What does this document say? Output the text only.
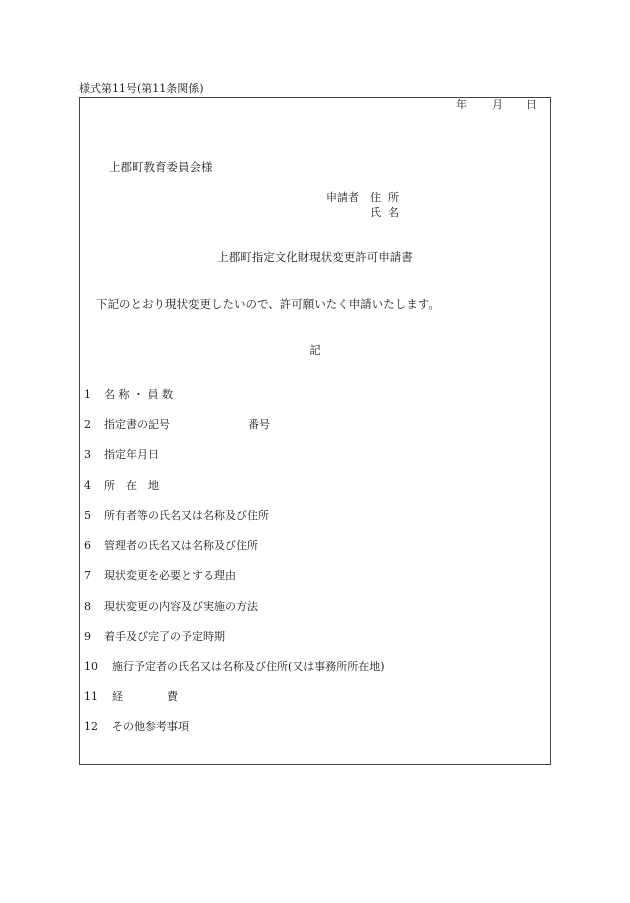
様式第11号(第11条関係)
年 月 日
上郡町教育委員会様
申請者 住所
氏名
上郡町指定文化財現状変更許可申請書
下記のとおり現状変更したいので、許可願いたく申請いたします。
記
1 名 称 ・ 員 数
2 指定書の記号	番号
3 指定年月日
4 所　在　地
5 所有者等の氏名又は名称及び住所
6 管理者の氏名又は名称及び住所
7 現状変更を必要とする理由
8 現状変更の内容及び実施の方法
9 着手及び完了の予定時期
10 施行予定者の氏名又は名称及び住所(又は事務所所在地)
11 経　　　　費
12 その他参考事項
